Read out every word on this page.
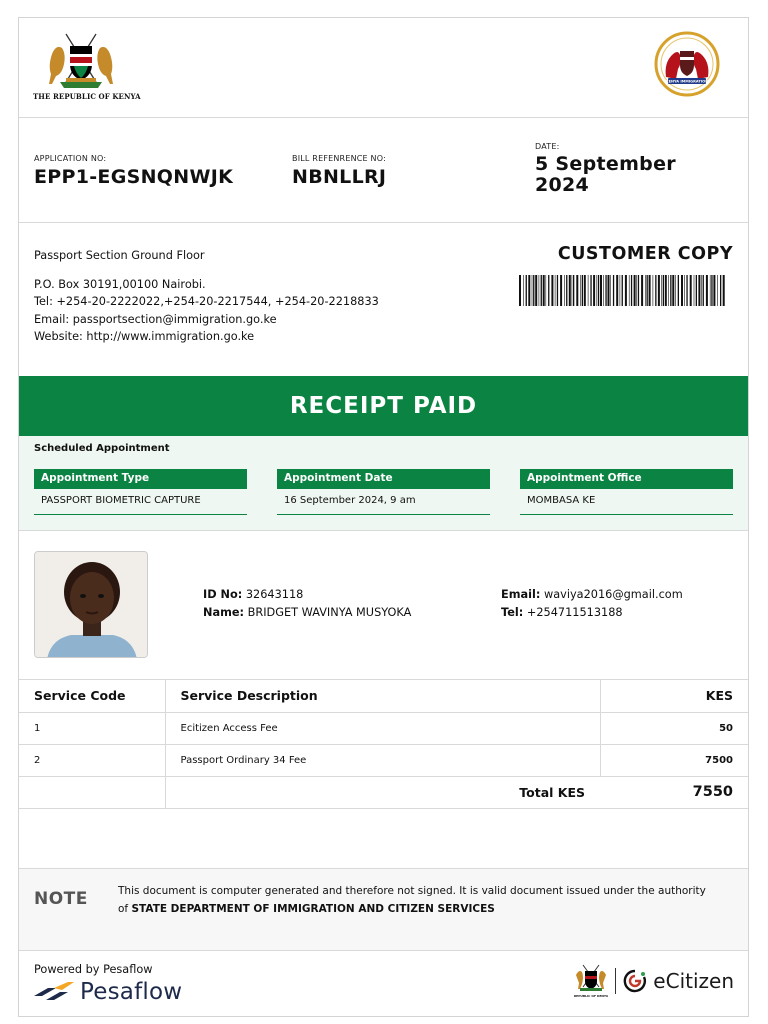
THE REPUBLIC OF KENYA
KENYA IMMIGRATION
APPLICATION NO:
EPP1-EGSNQNWJK
BILL REFENRENCE NO:
NBNLLRJ
DATE:
5 September
2024
Passport Section Ground Floor
P.O. Box 30191,00100 Nairobi.
Tel: +254-20-2222022,+254-20-2217544, +254-20-2218833
Email: passportsection@immigration.go.ke
Website: http://www.immigration.go.ke
CUSTOMER COPY
RECEIPT PAID
Scheduled Appointment
Appointment Type
PASSPORT BIOMETRIC CAPTURE
Appointment Date
16 September 2024, 9 am
Appointment Office
MOMBASA KE
ID No: 32643118
Name: BRIDGET WAVINYA MUSYOKA
Email: waviya2016@gmail.com
Tel: +254711513188
Service Code	Service Description	KES
1	Ecitizen Access Fee	50
2	Passport Ordinary 34 Fee	7500
	Total KES	7550
NOTE	This document is computer generated and therefore not signed. It is valid document issued under the authority of STATE DEPARTMENT OF IMMIGRATION AND CITIZEN SERVICES
Powered by Pesaflow
Pesaflow	REPUBLIC OF KENYA
eCitizen
